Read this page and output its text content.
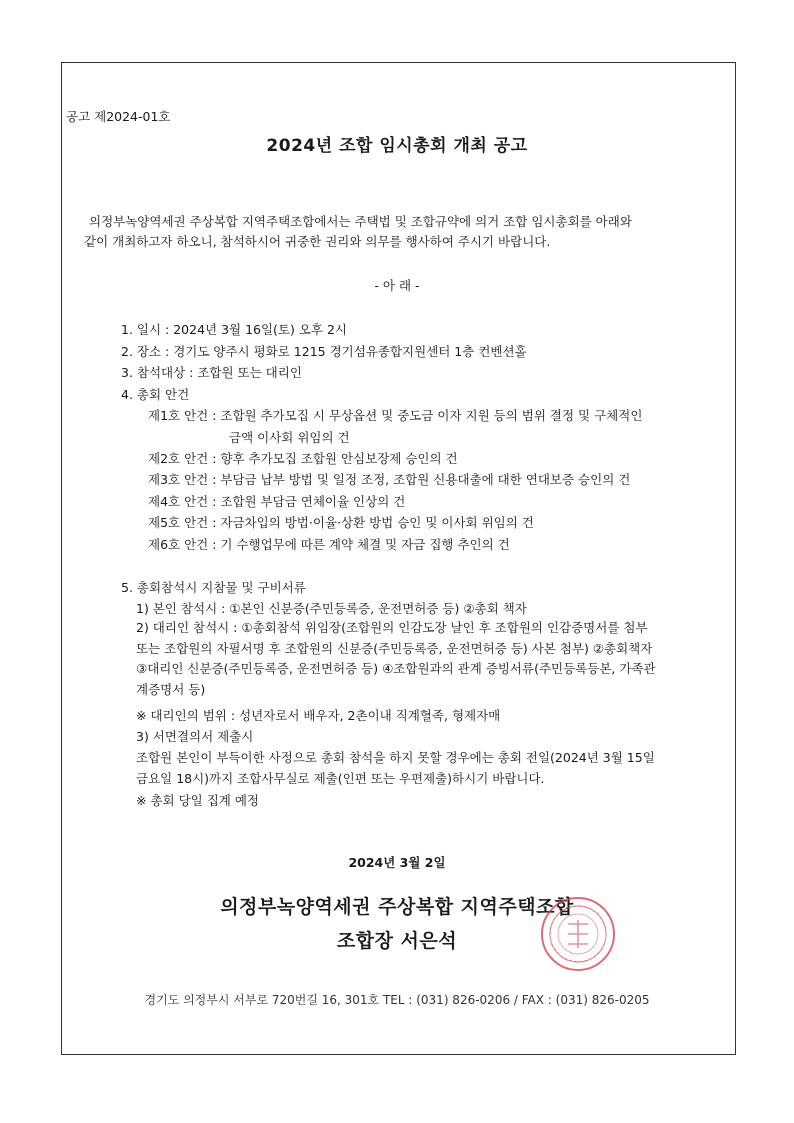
공고 제2024-01호
2024년 조합 임시총회 개최 공고

의정부녹양역세권 주상복합 지역주택조합에서는 주택법 및 조합규약에 의거 조합 임시총회를 아래와

같이 개최하고자 하오니, 참석하시어 귀중한 권리와 의무를 행사하여 주시기 바랍니다.

- 아 래 -
1. 일시 : 2024년 3월 16일(토) 오후 2시
2. 장소 : 경기도 양주시 평화로 1215 경기섬유종합지원센터 1층 컨벤션홀
3. 참석대상 : 조합원 또는 대리인
4. 총회 안건
제1호 안건 : 조합원 추가모집 시 무상옵션 및 중도금 이자 지원 등의 범위 결정 및 구체적인
금액 이사회 위임의 건
제2호 안건 : 향후 추가모집 조합원 안심보장제 승인의 건
제3호 안건 : 부담금 납부 방법 및 일정 조정, 조합원 신용대출에 대한 연대보증 승인의 건
제4호 안건 : 조합원 부담금 연체이율 인상의 건
제5호 안건 : 자금차입의 방법·이율·상환 방법 승인 및 이사회 위임의 건
제6호 안건 : 기 수행업무에 따른 계약 체결 및 자금 집행 추인의 건
5. 총회참석시 지참물 및 구비서류
1) 본인 참석시 : ①본인 신분증(주민등록증, 운전면허증 등) ②총회 책자

2) 대리인 참석시 : ①총회참석 위임장(조합원의 인감도장 날인 후 조합원의 인감증명서를 첨부

또는 조합원의 자필서명 후 조합원의 신분증(주민등록증, 운전면허증 등) 사본 첨부) ②총회책자

③대리인 신분증(주민등록증, 운전면허증 등) ④조합원과의 관계 증빙서류(주민등록등본, 가족관

계증명서 등)

※ 대리인의 범위 : 성년자로서 배우자, 2촌이내 직계혈족, 형제자매
3) 서면결의서 제출시
조합원 본인이 부득이한 사정으로 총회 참석을 하지 못할 경우에는 총회 전일(2024년 3월 15일
금요일 18시)까지 조합사무실로 제출(인편 또는 우편제출)하시기 바랍니다.
※ 총회 당일 집계 예정
2024년 3월 2일
의정부녹양역세권 주상복합 지역주택조합
조합장 서은석
경기도 의정부시 서부로 720번길 16, 301호 TEL : (031) 826-0206 / FAX : (031) 826-0205
